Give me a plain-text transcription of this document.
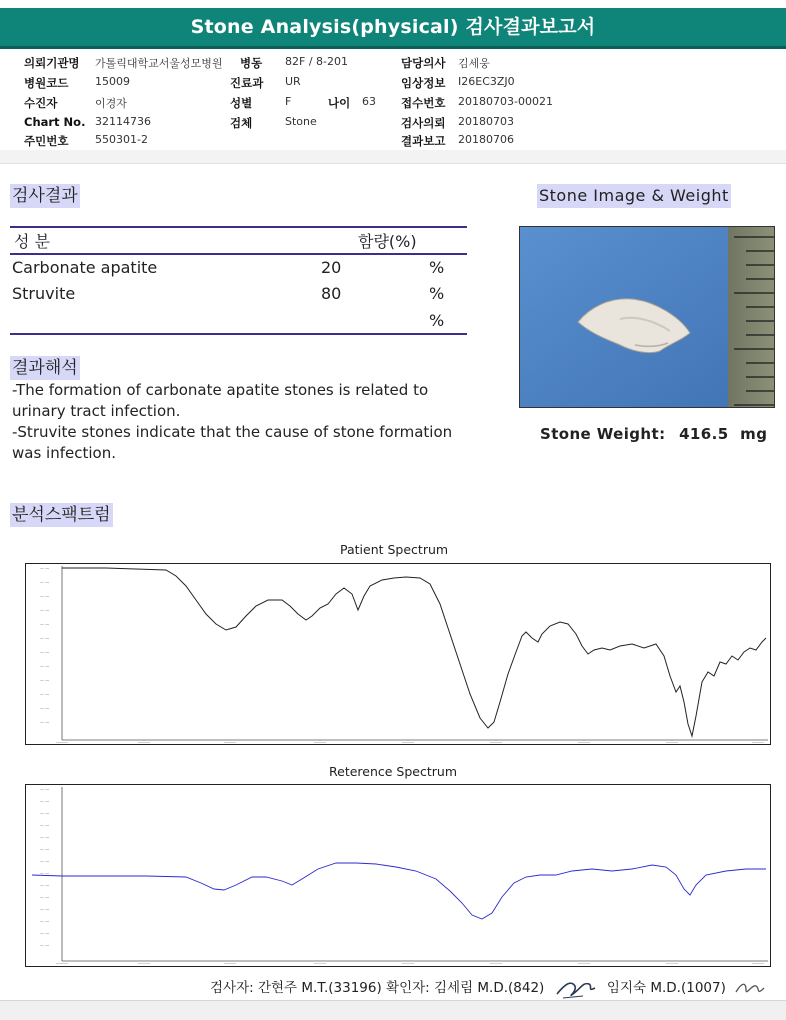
Stone Analysis(physical) 검사결과보고서
의뢰기관명 가톨릭대학교서울성모병원 병동 82F / 8-201	담당의사 김세웅
병원코드 15009	진료과 UR	임상정보 I26EC3ZJ0
수진자	이경자	성별	F	나이 63 접수번호 20180703-00021
Chart No. 32114736	검체	Stone	검사의뢰 20180703
주민번호 550301-2	결과보고 20180706
검사결과
성 분	함량(%)
Carbonate apatite	20	%
Struvite	80	%
%
결과해석
-The formation of carbonate apatite stones is related to urinary tract infection.
-Struvite stones indicate that the cause of stone formation was infection.
Stone Image & Weight
Stone Weight: 416.5 mg
분석스팩트럼
Patient Spectrum
— —
— —
— —
— —
— —
— —
— —
— —
— —
— —
— —
— —
———	———	———	———	———	———	———	———	———
Reterence Spectrum
— —
— —
— —
— —
— —
— —
— —
— —
— —
— —
— —
— —
— —
— —
———	———	———	———	———	———	———	———	———
검사자: 간현주 M.T.(33196) 확인자: 김세림 M.D.(842)	임지숙 M.D.(1007)
